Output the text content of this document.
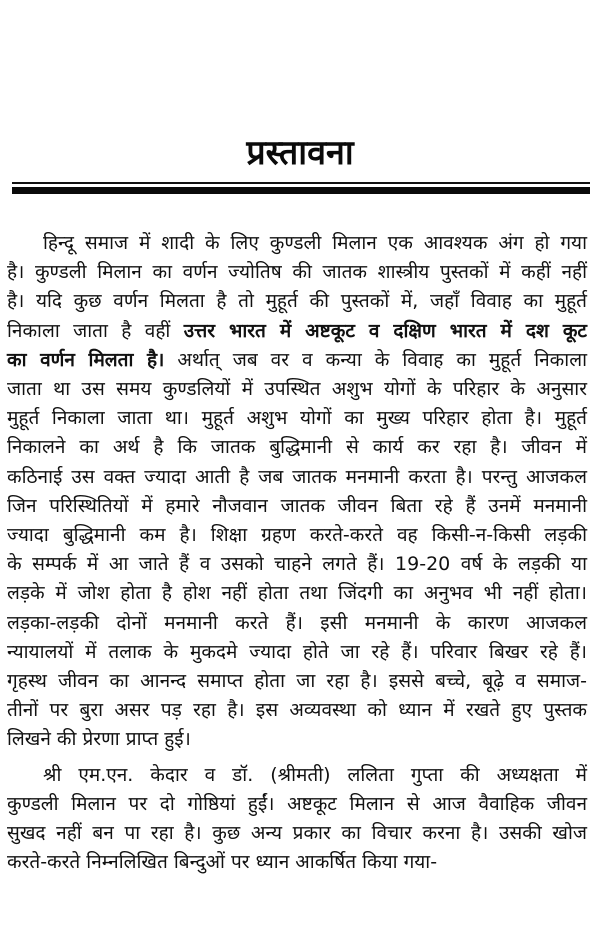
प्रस्तावना
हिन्दू समाज में शादी के लिए कुण्डली मिलान एक आवश्यक अंग हो गया
है। कुण्डली मिलान का वर्णन ज्योतिष की जातक शास्त्रीय पुस्तकों में कहीं नहीं
है। यदि कुछ वर्णन मिलता है तो मुहूर्त की पुस्तकों में, जहाँ विवाह का मुहूर्त
निकाला जाता है वहीं उत्तर भारत में अष्टकूट व दक्षिण भारत में दश कूट
का वर्णन मिलता है। अर्थात् जब वर व कन्या के विवाह का मुहूर्त निकाला
जाता था उस समय कुण्डलियों में उपस्थित अशुभ योगों के परिहार के अनुसार
मुहूर्त निकाला जाता था। मुहूर्त अशुभ योगों का मुख्य परिहार होता है। मुहूर्त
निकालने का अर्थ है कि जातक बुद्धिमानी से कार्य कर रहा है। जीवन में
कठिनाई उस वक्त ज्यादा आती है जब जातक मनमानी करता है। परन्तु आजकल
जिन परिस्थितियों में हमारे नौजवान जातक जीवन बिता रहे हैं उनमें मनमानी
ज्यादा बुद्धिमानी कम है। शिक्षा ग्रहण करते-करते वह किसी-न-किसी लड़की
के सम्पर्क में आ जाते हैं व उसको चाहने लगते हैं। 19-20 वर्ष के लड़की या
लड़के में जोश होता है होश नहीं होता तथा जिंदगी का अनुभव भी नहीं होता।
लड़का-लड़की दोनों मनमानी करते हैं। इसी मनमानी के कारण आजकल
न्यायालयों में तलाक के मुकदमे ज्यादा होते जा रहे हैं। परिवार बिखर रहे हैं।
गृहस्थ जीवन का आनन्द समाप्त होता जा रहा है। इससे बच्चे, बूढ़े व समाज-
तीनों पर बुरा असर पड़ रहा है। इस अव्यवस्था को ध्यान में रखते हुए पुस्तक
लिखने की प्रेरणा प्राप्त हुई।
श्री एम.एन. केदार व डॉ. (श्रीमती) ललिता गुप्ता की अध्यक्षता में
कुण्डली मिलान पर दो गोष्ठियां हुईं। अष्टकूट मिलान से आज वैवाहिक जीवन
सुखद नहीं बन पा रहा है। कुछ अन्य प्रकार का विचार करना है। उसकी खोज
करते-करते निम्नलिखित बिन्दुओं पर ध्यान आकर्षित किया गया-
